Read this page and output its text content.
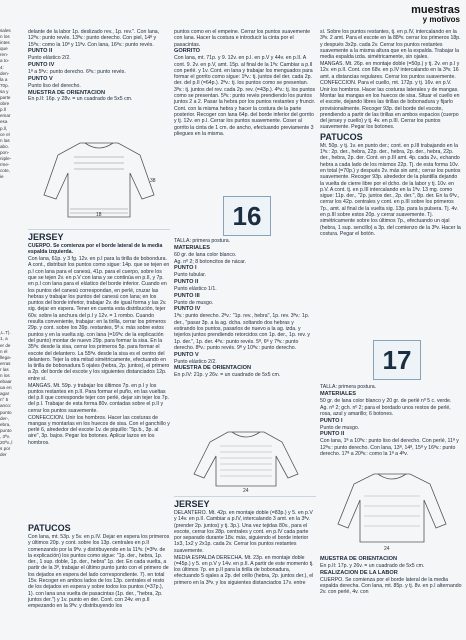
sales
n los
intes
que
ren-
a to-
4:
den-
la a
70p.
sa y
parte
obre
p.ll
emar
esa
p.ll,
ce el
n las
abo.
pon-
niple-
rme-
cote,
ie
,L.T).
1, a
er de
n el
llega-
erras
r las
n los
ebaar
ua en
agar
n° 5
anco:
punto
der-,
ebra,
punto
, 3ªv.
20ªv.,l
s por
der
muestras
y motivos

delante de la labor 1p. deslizado rev., 1p. rev.". Con lana, 12ªv.: punto revés. 13ªv.: punto derecho. Con piel, 14ª y 15ªv.: como la 10ª y 11ªv. Con lana, 16ªv.: punto revés.

PUNTO II

Punto elástico 2/2.

PUNTO IV

1ª a 5ªv.: punto derecho. 6ªv.: punto revés.

PUNTO V

Punto liso del derecho.

MUESTRA DE ORIENTACION

En p.II: 16p. y 28v. = un cuadrado de 5x5 cm.

18
38
JERSEY

CUERPO. Se comienza por el borde lateral de la media espalda izquierda.

Con lana, 61p. y 3 fg. 12v. en p.I para la tirilla de bobondura. A cont., distribuir los puntos como sigue: 14p. que se tejen en p.I con lana para el canesú, 41p. para el cuerpo, sobre los que se tejen 2v. en p.V con lana y se continúa en p.II, y 7p. en p.I con lana para el elástico del borde inferior. Cuando en los puntos del canesú correspondan, en perlé, cruzar las hebras y trabajar los puntos del canesú con lana; en los puntos del borde inferior, trabajar 2v. de igual forma y las 2v. sig. dejar en espera. Tener en cuenta esta distribución, tejer 60v. sobre la anchura del p.I y 12v. = 1 rombo. Cuando resulta conveniente, trabajar: en la tirilla, cerrar los primeros 29p. y cont. sobre los 39p. restantes, 5ª.v. más sobre estos puntos y en la vuelta sig. con lana (=16ªv. de la explicación del punto) montar de nuevo 29p. para formar la sisa. En la 35ªv. desde la sisa, cerrar los primeros 5p. para formar el escote del delantero. La 55ªv. desde la sisa es el centro del delantero. Tejer la otra mitad simétricamente, efectuando en la tirilla de bobonadura 5 ojales (hebra, 2p. juntos), el primero a 2p. del borde del escote y los siguientes distanciados 12p. entre sí.

MANGAS. Mt. 59p. y trabajar los últimos 7p. en p.I y los puntos restantes en p.II. Para formar el puño, en las vueltas del p.II que corresponde tejer con perlé, dejar sin tejer los 7p. del p.I. Trabajar de esta forma 80v. contadas sobre el p.II y cerrar los puntos suavemente.

CONFECCION. Unir los hombros. Hacer las costuras de mangas y montarlas en los huecos de sisa. Con el ganchillo y perlé 6, alrededor del escote 1v. de piquillo: "5p.b., 3p. al aire", 3p. bajos. Pegar los botones. Aplicar lazos en los hombros.

PATUCOS

Con lana, mt. 53p. y 5v. en p.IV. Dejar en espera los primeros y últimos 20p. y cont. sobre los 13p. centrales en p.II comenzando por la 9ªv. y distribuyendo en la 11ªv. (=3ªv. de la explicación) los puntos como sigue: "1p. der., hebra, 1p. der., 1 sup. doble, 1p. der., hebra" 1p. der. En cada vuelta, a partir de la 3ª, trabajar el último punto junto con el primero de los dejados en espera del lado correspondiente. 7). en total 15v. Recoger en ambos lados de los 13p. centrales el resto de los dejados en espera y sobre todos los puntos (=37p.), 1). con lana una vuelta de pasacintas (1p. der., "hebra, 2p. juntos der.") y 1v. punto en der. Cont. con 24v. en p.II empezando en la 9ªv. y distribuyendo los

puntos como en el empeine. Cerrar los puntos suavemente con lana. Hacer la costura e introducir la cinta por el pasacintas.

GORRITO

Con lana, mt. 71p. y 9. 12v. en p.I. en p.V y 44v. en p.II. A cont. 9. 2v. en p.V, amt. 15p. al final de la 1ªv. Cambiar a p.II con perlé. y 1v. Cont. en lana y trabajar los menguados para formar el gorrito como sigue: 1ªv.: tj. juntos del der. cada 2p. der. del p.II (=64p.). 2ªv.: tj. los puntos como se presentan. 3ªv.: tj. juntos del rev. cada 2p. rev. (=43p.). 4ªv.: tj. los puntos como se presentan. 5ªv.: punto revés prendiendo los puntos juntos 2 a 2. Pasar la hebra por los puntos restantes y fruncir. Cont. con la misma hebra y hacer la costura de la parte posterior. Recoger con lana 64p. del borde inferior del gorrito y tj. 12v. en p.I. Cerrar los puntos suavemente. Coser al gorrito la cinta de 1 cm. de ancho, efectuando previamente 3 pliegues en la misma.

16

TALLA: primera postura.

MATERIALES

60 gr. de lana color blanco.

Ag. nº 2; 8 botoncitos de nácar.

PUNTO I

Punto tubular.

PUNTO II

Punto elástico 1/1.

PUNTO III

Punto de musgo.

PUNTO IV

1ªv.: punto derecho. 2ªv.: "1p. rev., hebra", 1p. rev. 3ªv.: 1p. der., "pasar 3p. a la ag. dcha. soltando dos hebras y estirando los puntos, pasarlos de nuevo a la ag. izda. y tejerlos juntos prendiendo retorcidos con 1p. der., 1p. rev. y 1p. der.", 1p. der. 4ªv.: punto revés. 5ª, 6ª y 7ªv.: punto derecho. 8ªv.: punto revés. 9ª y 10ªv.: punto derecho.

PUNTO V

Punto elástico 2/2.

MUESTRA DE ORIENTACION

En p.IV: 21p. y 26v. = un cuadrado de 5x5 cm.

24
JERSEY

DELANTERO. Mt. 42p. en montaje doble (=83p.) y 5. en p.V y 14v. en p.II. Cambiar a p.IV, intercalando 3 amt. en la 3ªv. (prender 2p. juntos) y tj. 3p.). Una vez tejidas 80v., para el escote, cerrar los 28p. centrales y cont. en p.IV cada parte por separado durante 18v. más, siguiendo el borde interior 1x3, 1x2 y 2x1p. cada 2v. Cerrar los puntos restantes suavemente.

MEDIA ESPALDA DERECHA. Mt. 23p. en montaje doble (=45p.) y 5. en p.V y 14v. en p.II. A partir de este momento tj. los últimos 7p. en p.II para la tirilla de bobonadura, efectuando 5 ojales a 2p. del orillo (hebra, 2p. juntos der.), el primero en la 3ªv. y los siguientes distanciados 17v. entre

sí. Sobre los puntos restantes, tj. en p.IV, intercalando en la 3ªv. 2 amt. Para el escote en la 88ªv. cerrar los primeros 18p. y después 3x2p. cada 2v. Cerrar los puntos restantes suavemente a la misma altura que en la espalda. Trabajar la media espalda izda. simétricamente, sin ojales.

MANGAS. Mt. 26p. en montaje doble (=50p.) y tj. 2v. en p.I y 12v. en p.II. Cont. con 68v. en p.IV intercalando en la 3ªv. 16 amt. a distancias regulares. Cerrar los puntos suavemente.

CONFECCION. Para el cuello, mt. 172p. y tj. 16v. en p.V. Unir los hombros. Hacer las costuras laterales y de mangas. Montar las mangas en los huecos de sisa. Situar el cuello en el escote, dejando libres las tirillas de bobonadura y fijarlo provisionalmente. Recoger 93p. del borde del escote, prendiendo a partir de las tirillas en ambos espacios (cuerpo del jersey y cuello) y tj. 4v. en p.III. Cerrar los puntos suavemente. Pegar los botones.

PATUCOS

Mt. 50p. y tj. 1v. en punto der.; cont. en p.III trabajando en la 1ªv.: 2p. der., hebra, 22p. der., hebra, 2p. der., hebra, 22p. der., hebra, 2p. der. Cont. en p.III amt. 4p. cada 2v., echando hebra a cada lado de los mismos 22p. Tj. de esta forma 10v. en total (=70p.) y después 2v. más sin amt.; cerrar los puntos suavemente. Recoger 93p. alrededor de la plantilla dejando la vuelta de cierre libre por el dcho. de la labor y tj. 10v. en p.V. A cont. tj. en p.III intercalando en la 1ªv. 13 mg. como sigue: 11p. der., "2p. juntos der., 2p. der.", 8p. der. En la 6ªv., cerrar los 42p. centrales y cont. en p.III sobre los primeros 7p., amt. al final de la vuelta sig. 13p. para la pulsera. Tj. 4v. en p.III sobre estos 20p. y cerrar suavemente. Tj. simétricamente sobre los últimos 7p., efectuando un ojal (hebra, 1 sup. sencillo) a 3p. del comienzo de la 3ªv. Hacer la costura. Pegar el botón.

17

TALLA: primera postura.

MATERIALES

50 gr. de lana color blanco y 20 gr. de perlé nº 5 c. verde.

Ag. nº 2; gch. nº 2; para el bordado unos restos de perlé, rosa, azul y amarillo; 6 botones.

PUNTO I

Punto de musgo.

PUNTO II

Con lana, 1ª a 10ªv.: punto liso del derecho. Con perlé, 11ª y 12ªv.: punto derecho. Con lana, 13ª, 14ª, 15ª y 16ªv.: punto derecho. 17ª a 20ªv.: como la 1ª a 4ªv.

24

MUESTRA DE ORIENTACION

En p.II: 17p. y 26v. = un cuadrado de 5x5 cm.

REALIZACION DE LA LABOR

CUERPO. Se comienza por el borde lateral de la media espalda derecha. Con lana, mt. 85p. y tj. 8v. en p.I alternando 2v. con perlé, 4v. con
